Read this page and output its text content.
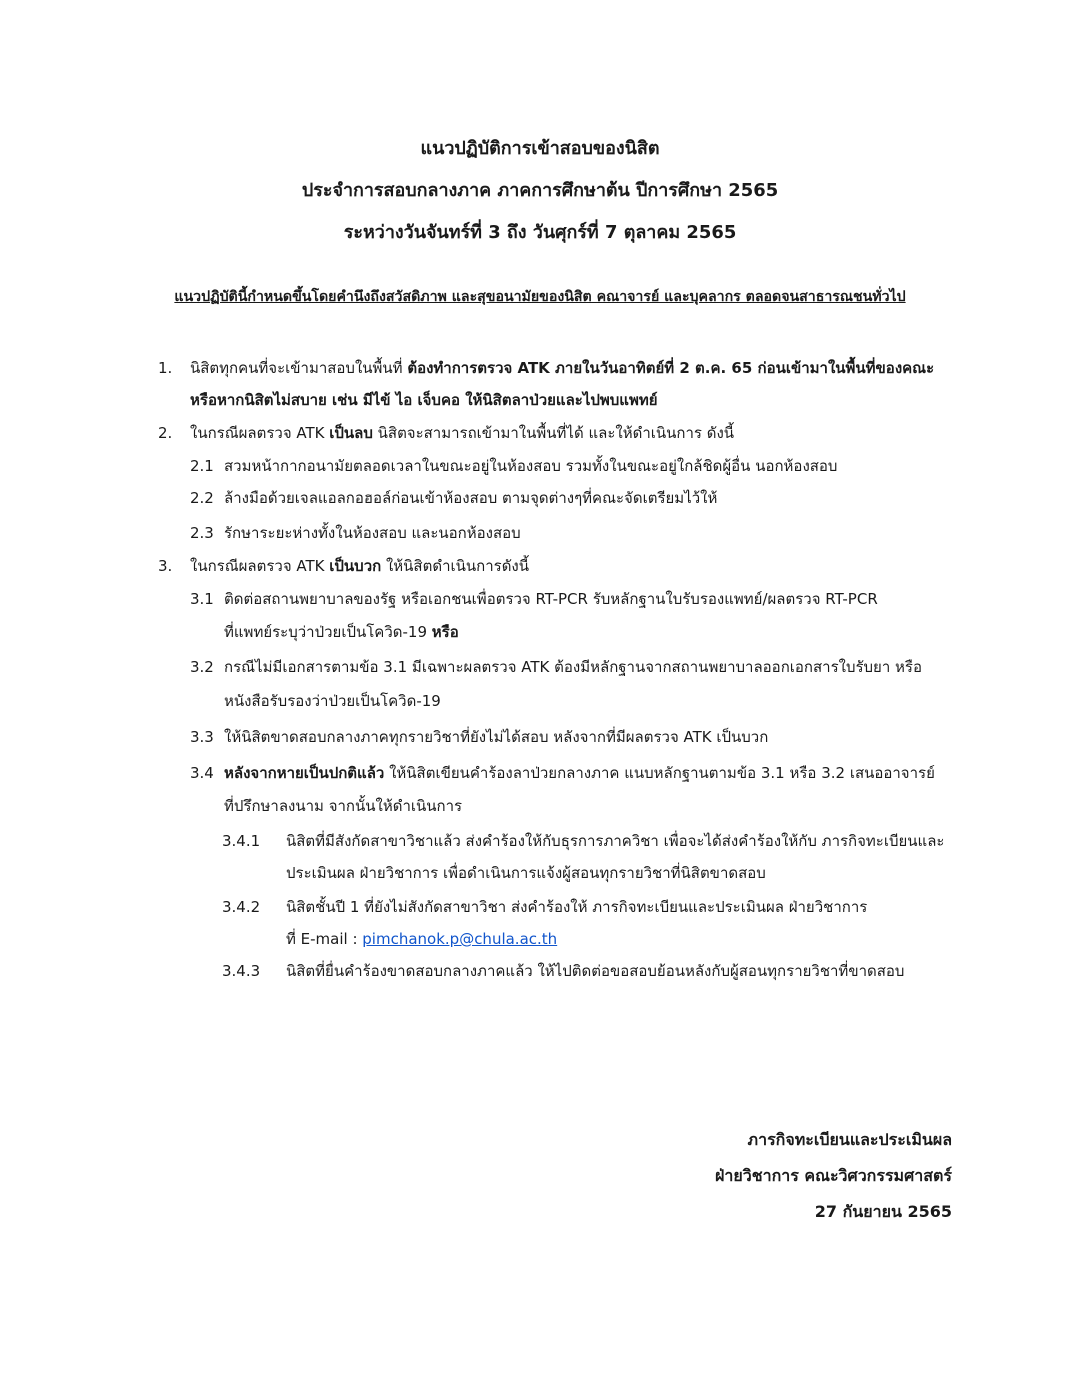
แนวปฏิบัติการเข้าสอบของนิสิต
ประจำการสอบกลางภาค ภาคการศึกษาต้น ปีการศึกษา 2565
ระหว่างวันจันทร์ที่ 3 ถึง วันศุกร์ที่ 7 ตุลาคม 2565
แนวปฏิบัตินี้กำหนดขึ้นโดยคำนึงถึงสวัสดิภาพ และสุขอนามัยของนิสิต คณาจารย์ และบุคลากร ตลอดจนสาธารณชนทั่วไป
1. นิสิตทุกคนที่จะเข้ามาสอบในพื้นที่ ต้องทำการตรวจ ATK ภายในวันอาทิตย์ที่ 2 ต.ค. 65 ก่อนเข้ามาในพื้นที่ของคณะ
หรือหากนิสิตไม่สบาย เช่น มีไข้ ไอ เจ็บคอ ให้นิสิตลาป่วยและไปพบแพทย์
2. ในกรณีผลตรวจ ATK เป็นลบ นิสิตจะสามารถเข้ามาในพื้นที่ได้ และให้ดำเนินการ ดังนี้
2.1 สวมหน้ากากอนามัยตลอดเวลาในขณะอยู่ในห้องสอบ รวมทั้งในขณะอยู่ใกล้ชิดผู้อื่น นอกห้องสอบ
2.2 ล้างมือด้วยเจลแอลกอฮอล์ก่อนเข้าห้องสอบ ตามจุดต่างๆที่คณะจัดเตรียมไว้ให้
2.3 รักษาระยะห่างทั้งในห้องสอบ และนอกห้องสอบ
3. ในกรณีผลตรวจ ATK เป็นบวก ให้นิสิตดำเนินการดังนี้
3.1 ติดต่อสถานพยาบาลของรัฐ หรือเอกชนเพื่อตรวจ RT-PCR รับหลักฐานใบรับรองแพทย์/ผลตรวจ RT-PCR
ที่แพทย์ระบุว่าป่วยเป็นโควิด-19 หรือ
3.2 กรณีไม่มีเอกสารตามข้อ 3.1 มีเฉพาะผลตรวจ ATK ต้องมีหลักฐานจากสถานพยาบาลออกเอกสารใบรับยา หรือ
หนังสือรับรองว่าป่วยเป็นโควิด-19
3.3 ให้นิสิตขาดสอบกลางภาคทุกรายวิชาที่ยังไม่ได้สอบ หลังจากที่มีผลตรวจ ATK เป็นบวก
3.4 หลังจากหายเป็นปกติแล้ว ให้นิสิตเขียนคำร้องลาป่วยกลางภาค แนบหลักฐานตามข้อ 3.1 หรือ 3.2 เสนออาจารย์
ที่ปรึกษาลงนาม จากนั้นให้ดำเนินการ
3.4.1 นิสิตที่มีสังกัดสาขาวิชาแล้ว ส่งคำร้องให้กับธุรการภาควิชา เพื่อจะได้ส่งคำร้องให้กับ ภารกิจทะเบียนและ
ประเมินผล ฝ่ายวิชาการ เพื่อดำเนินการแจ้งผู้สอนทุกรายวิชาที่นิสิตขาดสอบ
3.4.2 นิสิตชั้นปี 1 ที่ยังไม่สังกัดสาขาวิชา ส่งคำร้องให้ ภารกิจทะเบียนและประเมินผล ฝ่ายวิชาการ
ที่ E-mail : pimchanok.p@chula.ac.th
3.4.3 นิสิตที่ยื่นคำร้องขาดสอบกลางภาคแล้ว ให้ไปติดต่อขอสอบย้อนหลังกับผู้สอนทุกรายวิชาที่ขาดสอบ
ภารกิจทะเบียนและประเมินผล
ฝ่ายวิชาการ คณะวิศวกรรมศาสตร์
27 กันยายน 2565
